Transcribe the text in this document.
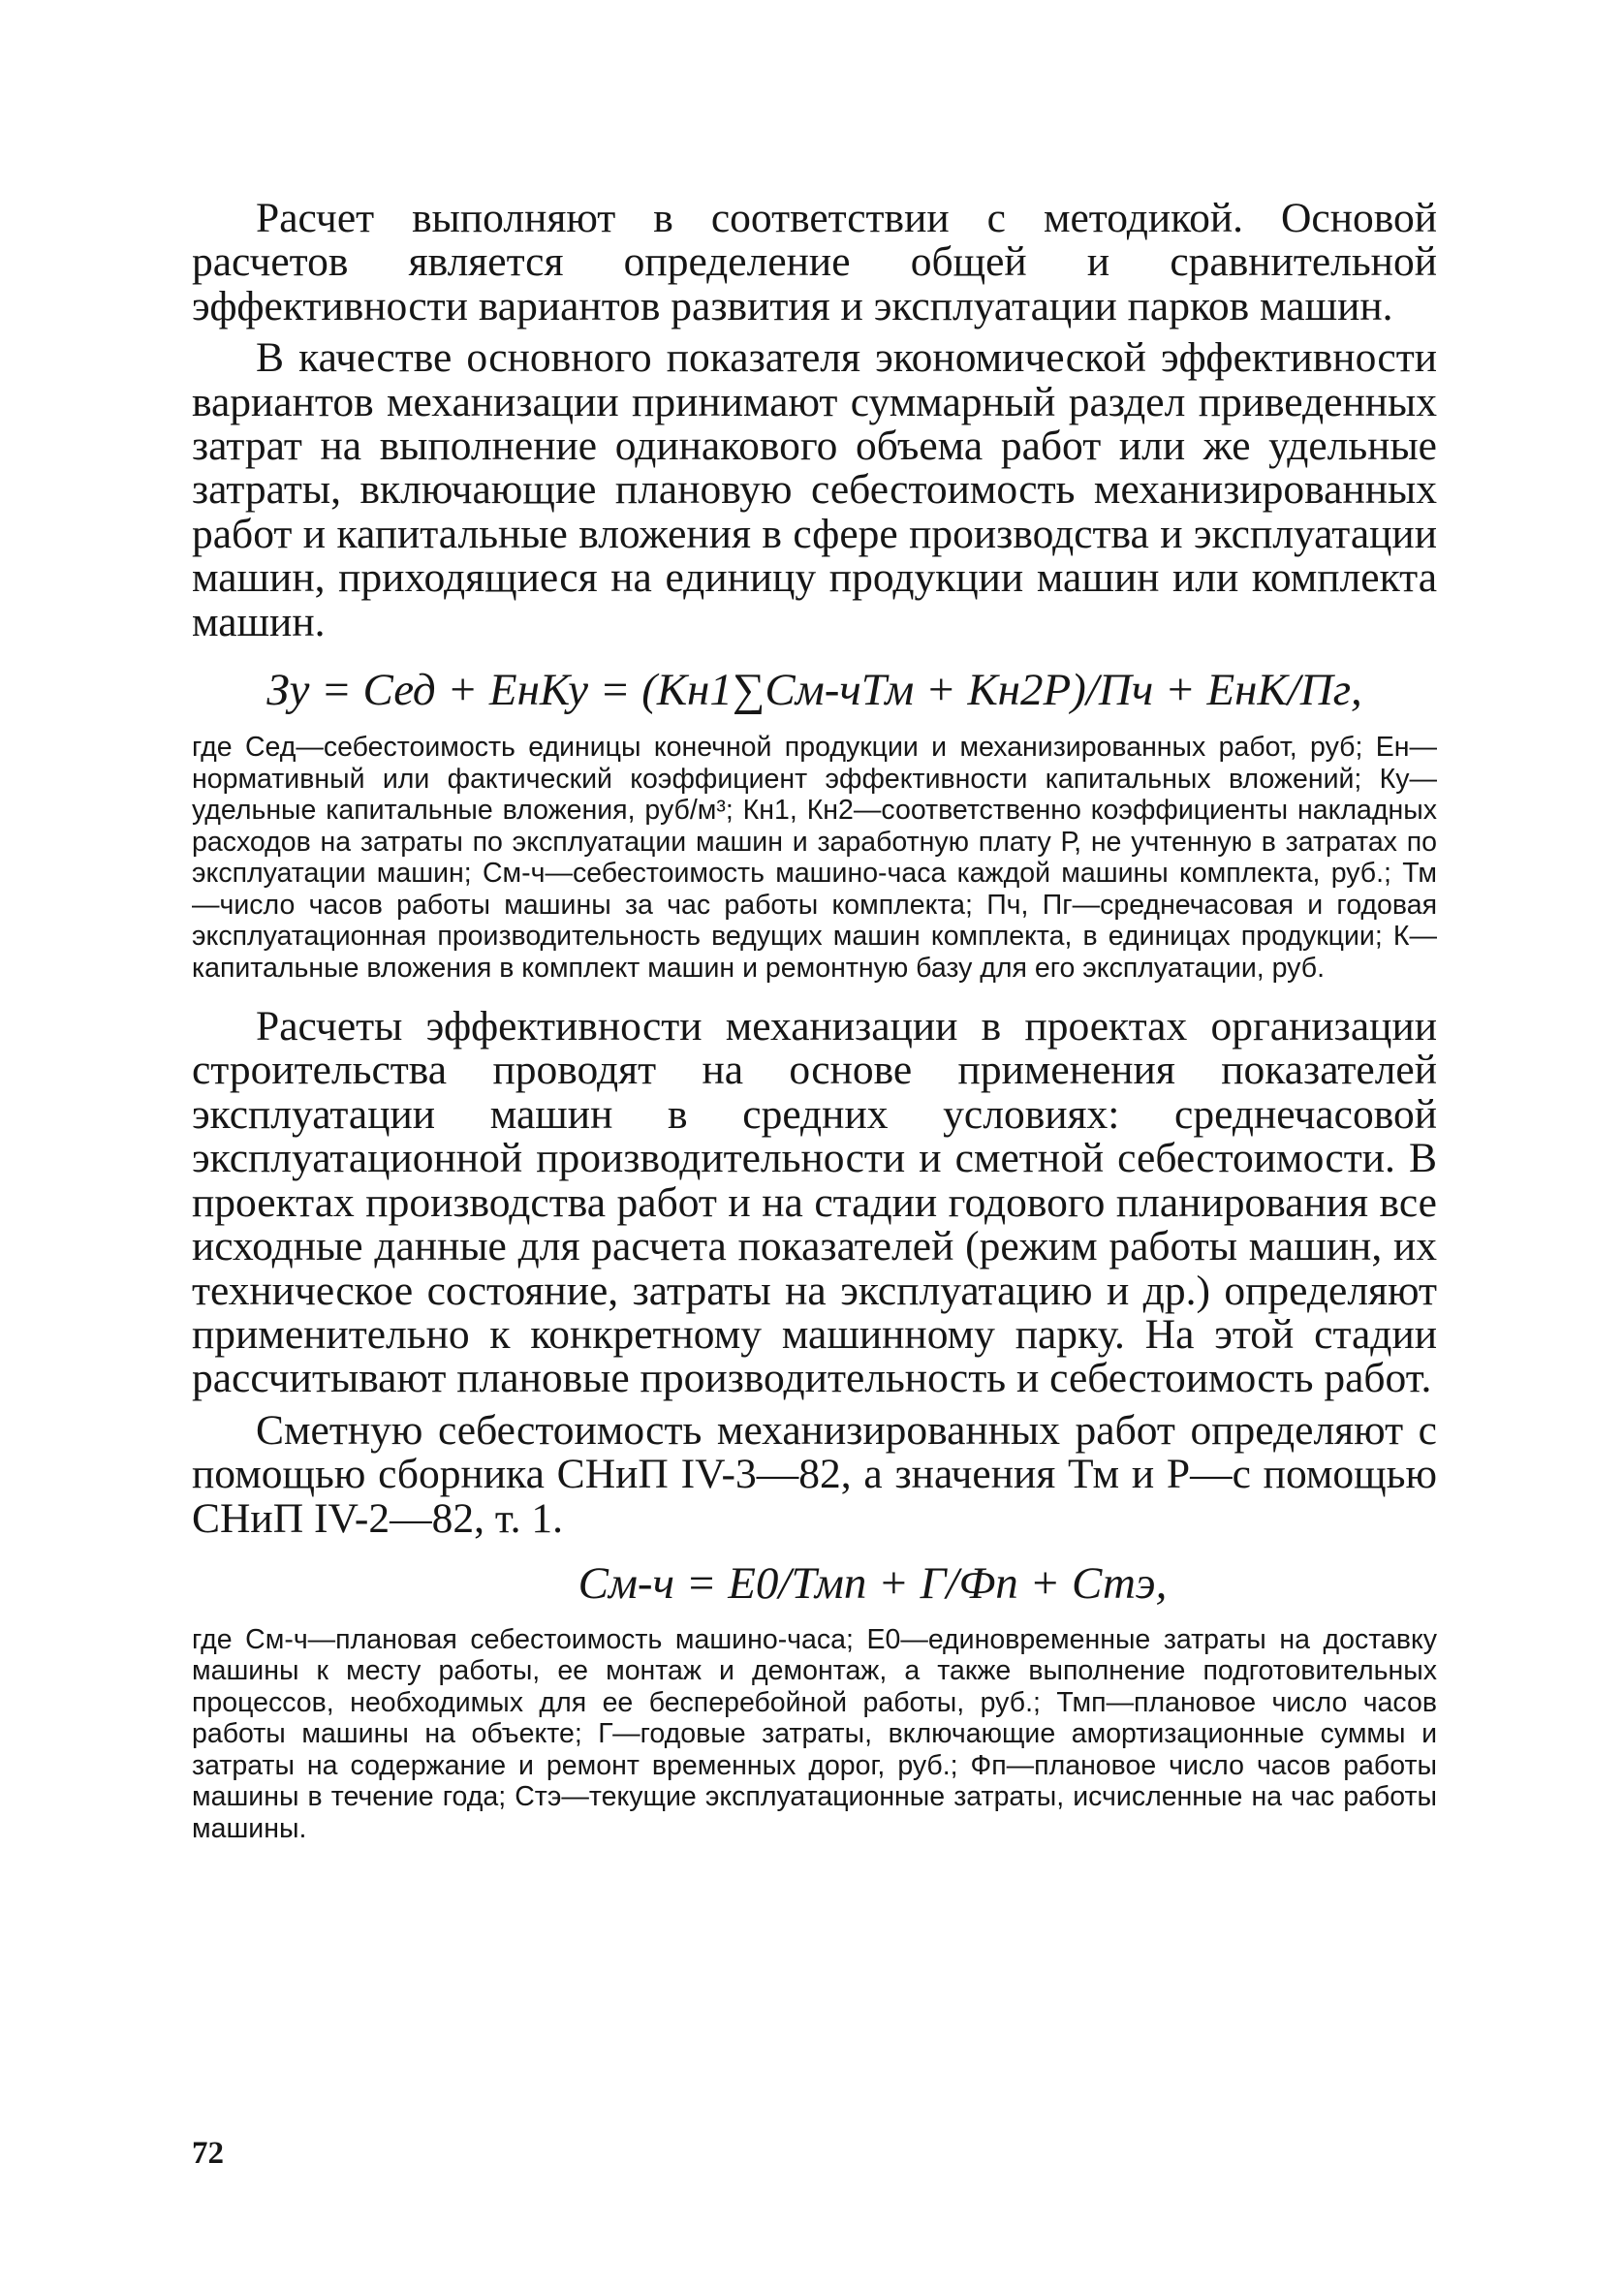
Расчет выполняют в соответствии с методикой. Основой расчетов является определение общей и сравнительной эффективности вариантов развития и эксплуатации парков машин.

В качестве основного показателя экономической эффективности вариантов механизации принимают суммарный раздел приведенных затрат на выполнение одинакового объема работ или же удельные затраты, включающие плановую себестоимость механизированных работ и капитальные вложения в сфере производства и эксплуатации машин, приходящиеся на единицу продукции машин или комплекта машин.

Зу = Сед + ЕнКу = (Кн1∑См-чТм + Кн2Р)/Пч + ЕнК/Пг,

где Сед—себестоимость единицы конечной продукции и механизированных работ, руб; Ен—нормативный или фактический коэффициент эффективности капитальных вложений; Ку—удельные капитальные вложения, руб/м³; Кн1, Кн2—соответственно коэффициенты накладных расходов на затраты по эксплуатации машин и заработную плату Р, не учтенную в затратах по эксплуатации машин; См-ч—себестоимость машино-часа каждой машины комплекта, руб.; Тм—число часов работы машины за час работы комплекта; Пч, Пг—среднечасовая и годовая эксплуатационная производительность ведущих машин комплекта, в единицах продукции; К—капитальные вложения в комплект машин и ремонтную базу для его эксплуатации, руб.

Расчеты эффективности механизации в проектах организации строительства проводят на основе применения показателей эксплуатации машин в средних условиях: среднечасовой эксплуатационной производительности и сметной себестоимости. В проектах производства работ и на стадии годового планирования все исходные данные для расчета показателей (режим работы машин, их техническое состояние, затраты на эксплуатацию и др.) определяют применительно к конкретному машинному парку. На этой стадии рассчитывают плановые производительность и себестоимость работ.

Сметную себестоимость механизированных работ определяют с помощью сборника СНиП IV-3—82, а значения Тм и Р—с помощью СНиП IV-2—82, т. 1.

См-ч = Е0/Тмп + Г/Фп + Стэ,

где См-ч—плановая себестоимость машино-часа; Е0—единовременные затраты на доставку машины к месту работы, ее монтаж и демонтаж, а также выполнение подготовительных процессов, необходимых для ее бесперебойной работы, руб.; Тмп—плановое число часов работы машины на объекте; Г—годовые затраты, включающие амортизационные суммы и затраты на содержание и ремонт временных дорог, руб.; Фп—плановое число часов работы машины в течение года; Стэ—текущие эксплуатационные затраты, исчисленные на час работы машины.

72
